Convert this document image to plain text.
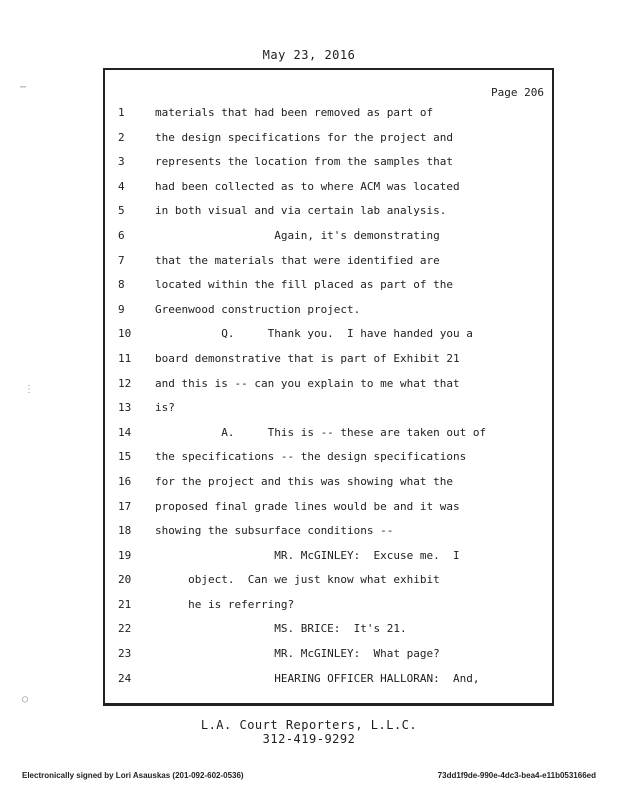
May 23, 2016
⋯
⋮
○
Page 206
1	materials that had been removed as part of
2	the design specifications for the project and
3	represents the location from the samples that
4	had been collected as to where ACM was located
5	in both visual and via certain lab analysis.
6	Again, it's demonstrating
7	that the materials that were identified are
8	located within the fill placed as part of the
9	Greenwood construction project.
10 Q.     Thank you.  I have handed you a
11 board demonstrative that is part of Exhibit 21
12 and this is -- can you explain to me what that
13 is?
14 A.     This is -- these are taken out of
15 the specifications -- the design specifications
16 for the project and this was showing what the
17 proposed final grade lines would be and it was
18 showing the subsurface conditions --
19 MR. McGINLEY:  Excuse me.  I
20 object.  Can we just know what exhibit
21 he is referring?
22 MS. BRICE:  It's 21.
23 MR. McGINLEY:  What page?
24 HEARING OFFICER HALLORAN:  And,
L.A. Court Reporters, L.L.C.
312-419-9292
Electronically signed by Lori Asauskas (201-092-602-0536)	73dd1f9de-990e-4dc3-bea4-e11b053166ed
